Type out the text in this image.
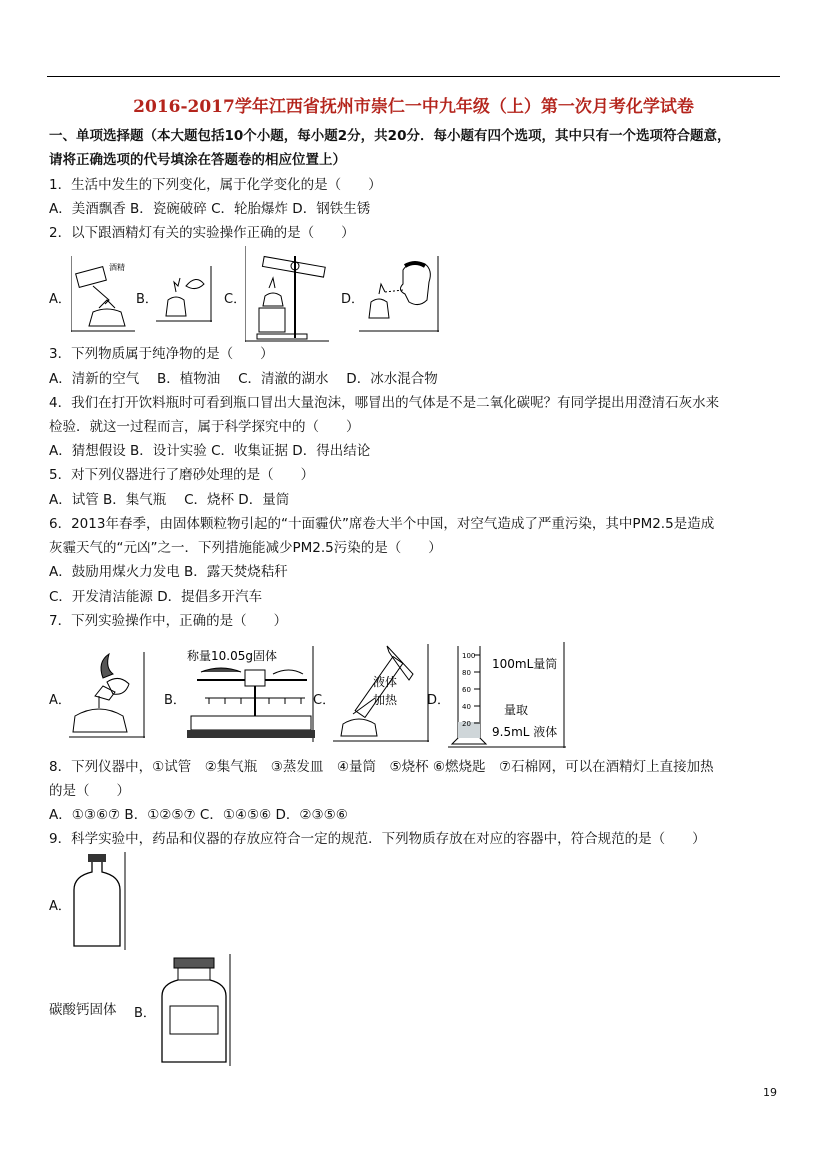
2016-2017学年江西省抚州市崇仁一中九年级（上）第一次月考化学试卷
一、单项选择题（本大题包括10个小题，每小题2分，共20分．每小题有四个选项，其中只有一个选项符合题意，
请将正确选项的代号填涂在答题卷的相应位置上）
1．生活中发生的下列变化，属于化学变化的是（　　）
A．美酒飘香 B．瓷碗破碎 C．轮胎爆炸 D．钢铁生锈
2．以下跟酒精灯有关的实验操作正确的是（　　）
A．
酒精
B．	C．	D．
3．下列物质属于纯净物的是（　　）
A．清新的空气　 B．植物油　 C．清澈的湖水　 D．冰水混合物
4．我们在打开饮料瓶时可看到瓶口冒出大量泡沫，哪冒出的气体是不是二氧化碳呢？有同学提出用澄清石灰水来
检验．就这一过程而言，属于科学探究中的（　　）
A．猜想假设 B．设计实验 C．收集证据 D．得出结论
5．对下列仪器进行了磨砂处理的是（　　）
A．试管 B．集气瓶　 C．烧杯 D．量筒
6．2013年春季，由固体颗粒物引起的“十面霾伏”席卷大半个中国，对空气造成了严重污染，其中PM2.5是造成
灰霾天气的“元凶”之一．下列措施能减少PM2.5污染的是（　　）
A．鼓励用煤火力发电 B．露天焚烧秸秆
C．开发清洁能源 D．提倡多开汽车
7．下列实验操作中，正确的是（　　）
A．	B．
称量10.05g固体
C．
液体
加热 D．
100
80
60
40
20
100mL量筒
量取
9.5mL 液体
8．下列仪器中，①试管　②集气瓶　③蒸发皿　④量筒　⑤烧杯 ⑥燃烧匙　⑦石棉网，可以在酒精灯上直接加热
的是（　　）
A．①③⑥⑦ B．①②⑤⑦ C．①④⑤⑥ D．②③⑤⑥
9．科学实验中，药品和仪器的存放应符合一定的规范．下列物质存放在对应的容器中，符合规范的是（　　）
A．
碳酸钙固体 B．
19
